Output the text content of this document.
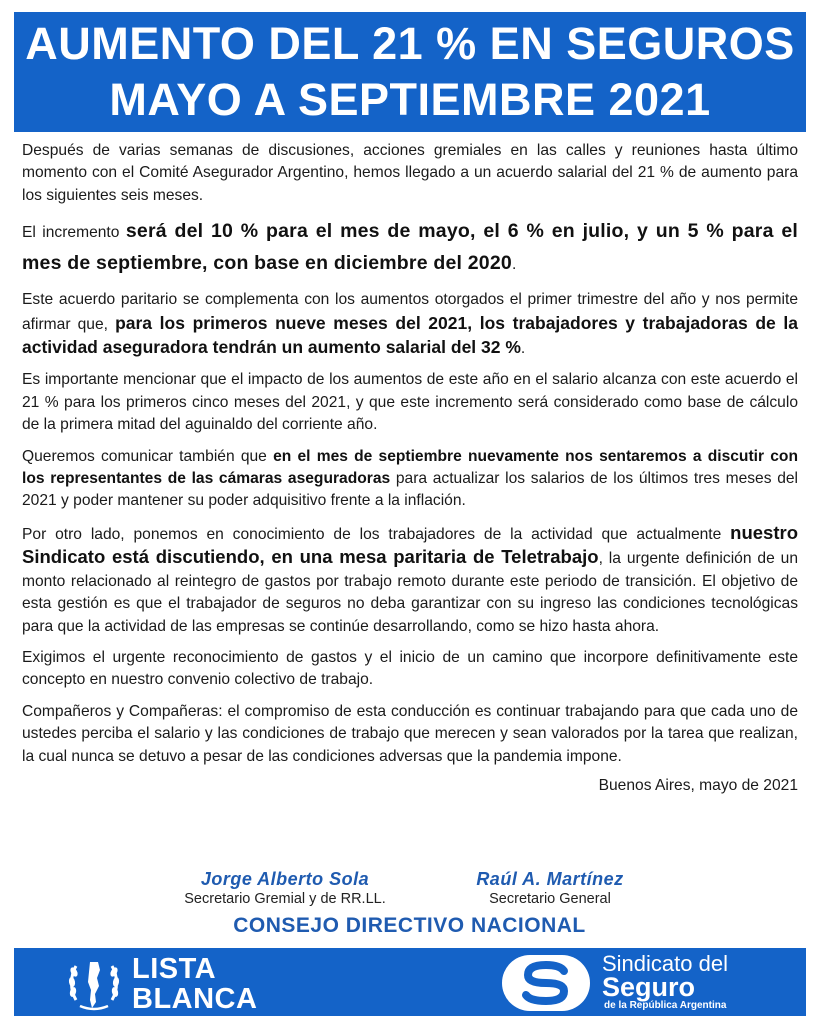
AUMENTO DEL 21 % EN SEGUROS
MAYO A SEPTIEMBRE 2021

Después de varias semanas de discusiones, acciones gremiales en las calles y reuniones hasta último momento con el Comité Asegurador Argentino, hemos llegado a un acuerdo salarial del 21 % de aumento para los siguientes seis meses.

El incremento será del 10 % para el mes de mayo, el 6 % en julio, y un 5 % para el mes de septiembre, con base en diciembre del 2020.

Este acuerdo paritario se complementa con los aumentos otorgados el primer trimestre del año y nos permite afirmar que, para los primeros nueve meses del 2021, los trabajadores y trabajadoras de la actividad aseguradora tendrán un aumento salarial del 32 %.

Es importante mencionar que el impacto de los aumentos de este año en el salario alcanza con este acuerdo el 21 % para los primeros cinco meses del 2021, y que este incremento será considerado como base de cálculo de la primera mitad del aguinaldo del corriente año.

Queremos comunicar también que en el mes de septiembre nuevamente nos sentaremos a discutir con los representantes de las cámaras aseguradoras para actualizar los salarios de los últimos tres meses del 2021 y poder mantener su poder adquisitivo frente a la inflación.

Por otro lado, ponemos en conocimiento de los trabajadores de la actividad que actualmente nuestro Sindicato está discutiendo, en una mesa paritaria de Teletrabajo, la urgente definición de un monto relacionado al reintegro de gastos por trabajo remoto durante este periodo de transición. El objetivo de esta gestión es que el trabajador de seguros no deba garantizar con su ingreso las condiciones tecnológicas para que la actividad de las empresas se continúe desarrollando, como se hizo hasta ahora.

Exigimos el urgente reconocimiento de gastos y el inicio de un camino que incorpore definitivamente este concepto en nuestro convenio colectivo de trabajo.

Compañeros y Compañeras: el compromiso de esta conducción es continuar trabajando para que cada uno de ustedes perciba el salario y las condiciones de trabajo que merecen y sean valorados por la tarea que realizan, la cual nunca se detuvo a pesar de las condiciones adversas que la pandemia impone.

Buenos Aires, mayo de 2021
Jorge Alberto Sola
Secretario Gremial y de RR.LL.
Raúl A. Martínez
Secretario General
CONSEJO DIRECTIVO NACIONAL
LISTA
BLANCA
Sindicato del
Seguro
de la República Argentina
